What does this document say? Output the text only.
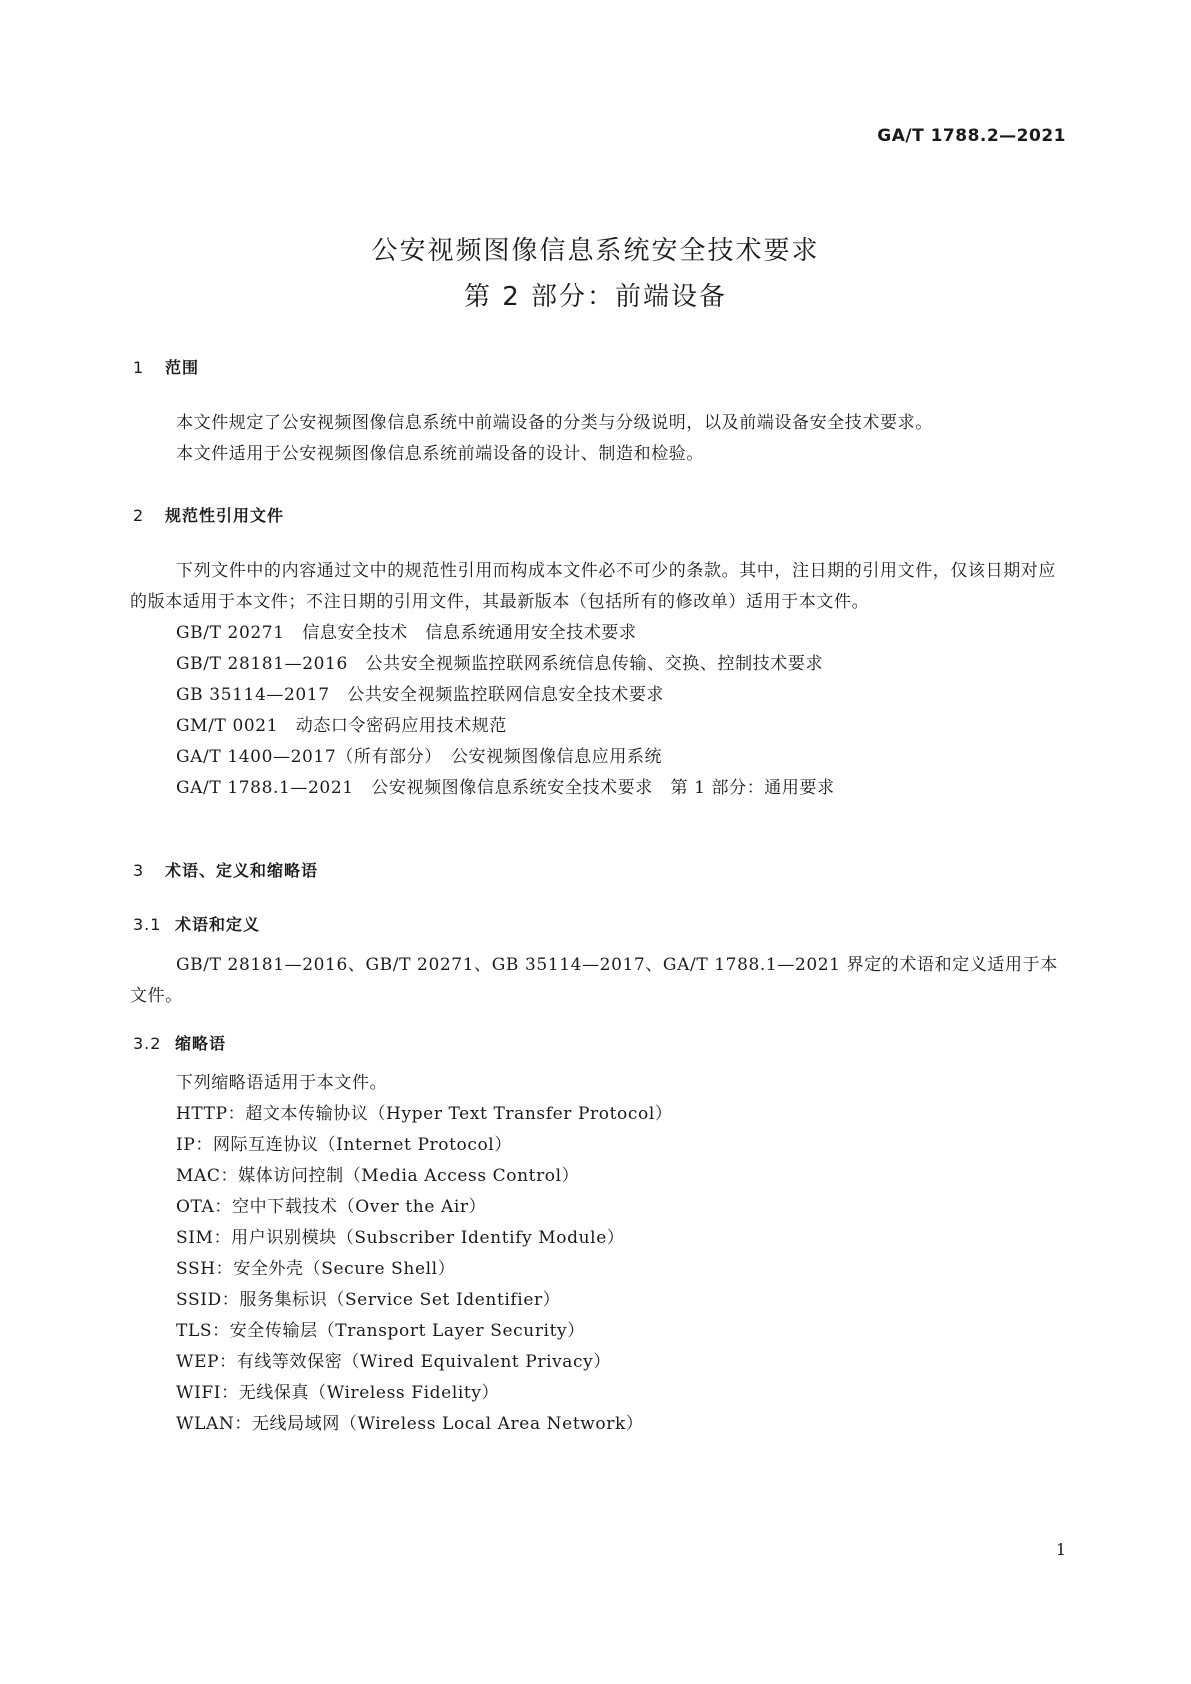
GA/T 1788.2—2021
公安视频图像信息系统安全技术要求
第 2 部分：前端设备
1 范围

本文件规定了公安视频图像信息系统中前端设备的分类与分级说明，以及前端设备安全技术要求。

本文件适用于公安视频图像信息系统前端设备的设计、制造和检验。

2 规范性引用文件

下列文件中的内容通过文中的规范性引用而构成本文件必不可少的条款。其中，注日期的引用文件，仅该日期对应的版本适用于本文件；不注日期的引用文件，其最新版本（包括所有的修改单）适用于本文件。

GB/T 20271　信息安全技术　信息系统通用安全技术要求

GB/T 28181—2016　公共安全视频监控联网系统信息传输、交换、控制技术要求

GB 35114—2017　公共安全视频监控联网信息安全技术要求

GM/T 0021　动态口令密码应用技术规范

GA/T 1400—2017（所有部分）　公安视频图像信息应用系统

GA/T 1788.1—2021　公安视频图像信息系统安全技术要求　第 1 部分：通用要求

3 术语、定义和缩略语
3.1 术语和定义

GB/T 28181—2016、GB/T 20271、GB 35114—2017、GA/T 1788.1—2021 界定的术语和定义适用于本文件。

3.2 缩略语

下列缩略语适用于本文件。

HTTP：超文本传输协议（Hyper Text Transfer Protocol）

IP：网际互连协议（Internet Protocol）

MAC：媒体访问控制（Media Access Control）

OTA：空中下载技术（Over the Air）

SIM：用户识别模块（Subscriber Identify Module）

SSH：安全外壳（Secure Shell）

SSID：服务集标识（Service Set Identifier）

TLS：安全传输层（Transport Layer Security）

WEP：有线等效保密（Wired Equivalent Privacy）

WIFI：无线保真（Wireless Fidelity）

WLAN：无线局域网（Wireless Local Area Network）

1
